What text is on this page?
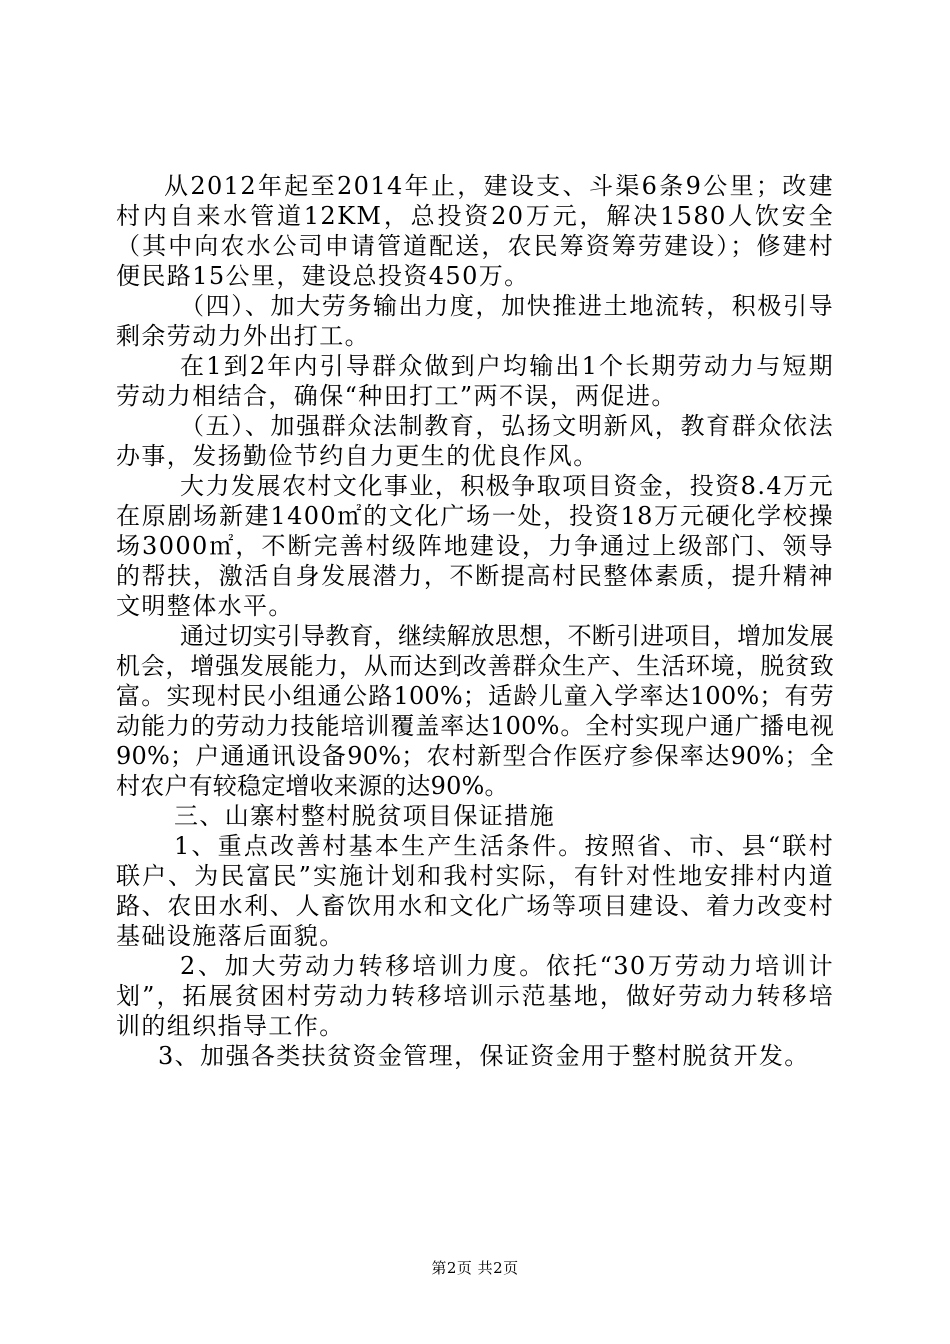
从2012年起至2014年止，建设支、斗渠6条9公里；改建村内自来水管道12KM，总投资20万元，解决1580人饮安全（其中向农水公司申请管道配送，农民筹资筹劳建设）；修建村便民路15公里，建设总投资450万。

（四）、加大劳务输出力度，加快推进土地流转，积极引导剩余劳动力外出打工。

在1到2年内引导群众做到户均输出1个长期劳动力与短期劳动力相结合，确保“种田打工”两不误，两促进。

（五）、加强群众法制教育，弘扬文明新风，教育群众依法办事，发扬勤俭节约自力更生的优良作风。

大力发展农村文化事业，积极争取项目资金，投资8.4万元在原剧场新建1400㎡的文化广场一处，投资18万元硬化学校操场3000㎡，不断完善村级阵地建设，力争通过上级部门、领导的帮扶，激活自身发展潜力，不断提高村民整体素质，提升精神文明整体水平。

通过切实引导教育，继续解放思想，不断引进项目，增加发展机会，增强发展能力，从而达到改善群众生产、生活环境，脱贫致富。实现村民小组通公路100%；适龄儿童入学率达100%；有劳动能力的劳动力技能培训覆盖率达100%。全村实现户通广播电视90%；户通通讯设备90%；农村新型合作医疗参保率达90%；全村农户有较稳定增收来源的达90%。

三、山寨村整村脱贫项目保证措施

1、重点改善村基本生产生活条件。按照省、市、县“联村联户、为民富民”实施计划和我村实际，有针对性地安排村内道路、农田水利、人畜饮用水和文化广场等项目建设、着力改变村基础设施落后面貌。

2、加大劳动力转移培训力度。依托“30万劳动力培训计划”，拓展贫困村劳动力转移培训示范基地，做好劳动力转移培训的组织指导工作。

3、加强各类扶贫资金管理，保证资金用于整村脱贫开发。

第2页 共2页
